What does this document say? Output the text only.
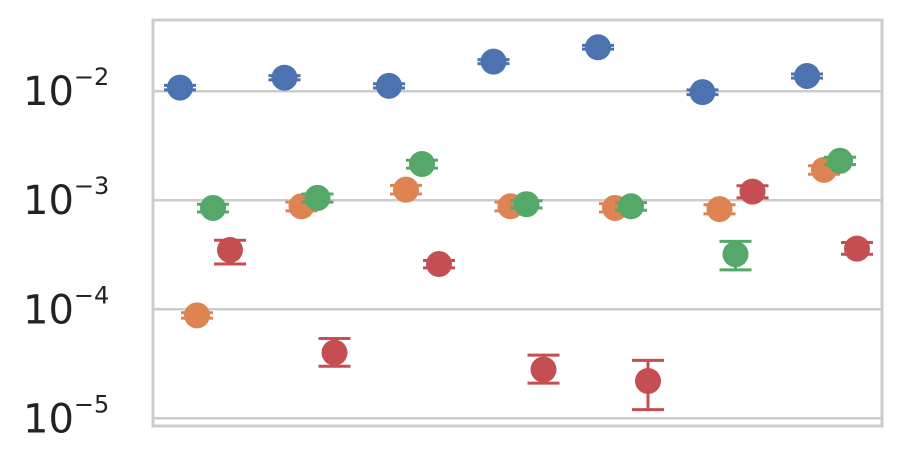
10−5
10−4
10−3
10−2
